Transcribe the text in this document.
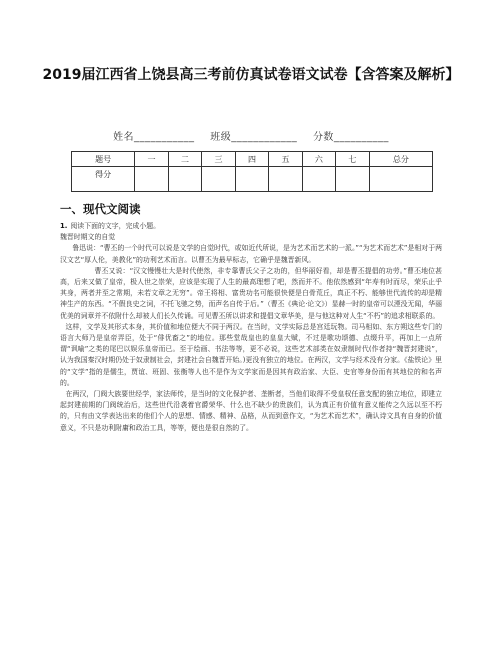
2019届江西省上饶县高三考前仿真试卷语文试卷【含答案及解析】
姓名___________ 班级____________ 分数__________
题号	一	二	三	四	五	六	七	总分
得分								
一、现代文阅读

1. 阅读下面的文字，完成小题。

魏晋时期文的自觉

鲁迅说：“曹丕的一个时代可以说是文学的自觉时代，或如近代所说，是为艺术而艺术的一派。”“为艺术而艺术”是相对于两汉文艺“厚人伦，美教化”的功利艺术而言。以曹丕为最早标志，它确乎是魏晋新风。

曹丕又说：“汉文慢慢壮大是时代使然，非专靠曹氏父子之功的，但华丽好看，却是曹丕提倡的功劳。”曹丕地位甚高，后来又做了皇帝，极人世之崇荣，应该是实现了人生的最高理想了吧，然而并不。他依然感到“年寿有时而尽，荣乐止乎其身，两者并至之常期，未若文章之无穷”。帝王将相、富贵功名可能很快便是白骨荒丘，真正不朽、能够世代流传的却是精神生产的东西。“不假良史之词，不托飞驰之势，而声名自传于后。”（曹丕《典论·论文》）显赫一时的皇帝可以湮没无闻，华丽优美的词章并不依附什么却被人们长久传诵。可见曹丕所以讲求和提倡文章华美，是与他这种对人生“不朽”的追求相联系的。

这样，文学及其形式本身，其价值和地位便大不同于两汉。在当时，文学实际总是宫廷玩物。司马相如、东方朔这些专门的语言大师乃是皇帝弄臣，处于“俳优畜之”的地位。那些堂哉皇也的皇皇大赋，不过是歌功颂德、点缀升平，再加上一点所谓“讽喻”之类的尾巴以娱乐皇帝而已。至于绘画、书法等等，更不必说，这些艺术部类在奴隶制时代(作者持“魏晋封建说”，认为我国秦汉时期仍处于奴隶制社会，封建社会自魏晋开始。)更没有独立的地位。在两汉，文学与经术没有分家。《盐铁论》里的“文学”指的是儒生，贾谊、班固、张衡等人也不是作为文学家而是因其有政治家、大臣、史官等身份而有其地位的和名声的。

在两汉，门阀大族要世经学，家法师传，是当时的文化保护者、垄断者，当他们取得不受皇权任意支配的独立地位，即建立起封建前期的门阀统治后，这些世代沿袭着官爵荣华、什么也不缺少的贵族们，认为真正有价值有意义能传之久远以至不朽的，只有由文学表达出来的他们个人的思想、情感、精神、品格，从而到意作文，“为艺术而艺术”，确认诗文具有自身的价值意义，不只是功利附庸和政治工具，等等，便也是很自然的了。
